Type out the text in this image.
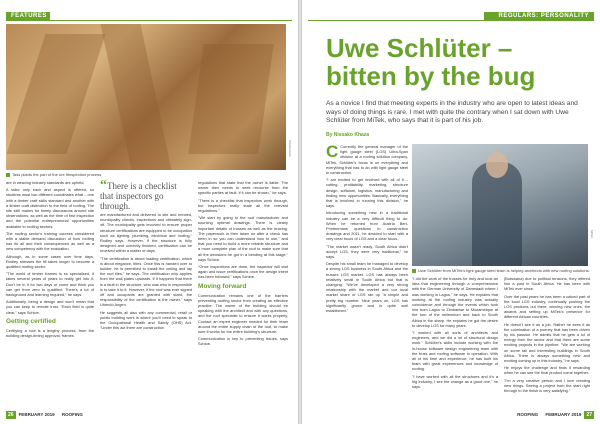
FEATURES
Shutterstock
Tass plants the part of the ore fitnspection process.

are in weaving industry standards are upheld.

A tailor only each and aspect is offered, so students must two different coordinates what – one with a timber craft skills standard and another with a timber craft distinction to the field of roofing. The site skill makes for timely discussions around site observations, as well as the time of first inspection and the potential entrepreneurial opportunities available to roofing sectors.

The roofing sector's training courses considered with a stable demand discussion of how roofing has its all and their consequences as well as a new competency with the evaluation.

Although, as in some cases over time days, Rodley stresses the fill takes longer to become a qualified roofing sector.

"The world of timber frames is so specialised, it takes several years of years to really get into it. Don't be in it for two days or come and think you can get from zero to qualified. There's a lot of background and learning required," he says.

Additionally, being a design and won't mean that you can keep to remote trust. "Each field is quite clear," says Schloe.

Getting certified

Certifying a roof is a lengthy process, from the building design-timing approval, frames

“There is a checklist that inspectors go through.

are manufactured and delivered to site and erected, municipality checks, inspections and ultimately sign-off. The municipality gets involved to ensure proper structure certifications are equipped to be occupation such as lighting, plumbing, electrical and roofing," Rodley says. However, if the structure is fully designed and correctly finished, certification can be received within a matter of days.

"The certification is about loading certification, which is about elegance, titles. Once this is handed over to builder, he is permitted to install the ceiling and lay the roof tiles," he says. The certification only applies from the wall plates upwards. If it happens that there is a fault in the structure, who was who is responsible is to take it to it. However, if the roof was ever signed off and occupants are granted with sized, the responsibility of the certification is the owner," says Uhendo Angen.

He suggests all also with any commercial, retail or public building work is where you'll need to speak to the Occupational Health and Safety (OHS) Act. "Under this act there are construction

regulations that state that the owner is liable. The owner then needs to seek recourse from the specific parties at fault, if it can be shown," he says.

"There is a checklist that inspectors work through, but inspectors really state all the relevant regulations."

"We start by going to the roof manufacturer and sourcing optimal drawings. There is clearly important details of trusses as well as the bracing. The paperwork is then taken on after a check has been in so you can understand how to use," and that you need to build a more reliable structure and a more complete plan of the roof to make sure that all the decisions he got in a bending at this stage," says Schloe.

"Once inspections are done, the inspector will visit again and issue certifications once the design intent has been followed," says Schloe.

Moving forward

Communication remains one of the barriers preventing roofing sector from creating an effective practice. The owner of the building should be speaking with the architect and with any questions, and the roof specialist to ensure it works properly. Contact an expert engineer needed for their team around the entire supply chain of the roof, to make sure it works for the entire building's structure.

Communication is key to preventing issues, says Schloe.

26 FEBRUARY 2019 ROOFING
REGULARS: PERSONALITY PROFILE
Uwe Schlüter – bitten by the bug
As a novice I find that meeting experts in the industry who are open to latest ideas and ways of doing things is rare. I met with quite the contrary when I sat down with Uwe Schlüter from MiTek, who says that it is part of his job.
By Nissako Khaza

C Currently the general manager of the light gauge steel (LGS) Ultra-Span division at a roofing solution company, MiTek, Schlüter's focus is on everything and everything that has to do with light gauge steel in construction.

"I am excited to get involved with all of it – cutting, profitability, marketing, structure design, software, logistics, manufacturing and finding new opportunities. Basically, everything that is involved in running this division," he says.

Introducing something new in a traditional industry can be a very difficult thing to do. When he returned from Austria Beri-Printenmans questions to construction drawings and 2011, he decided to start with a very clear focus of LGS and a clear focus.

"The market wasn't ready. South Africa didn't accept LGS, they were very traditional," he says.

Despite his small team he managed to develop a strong LGS business in South Africa and the trusses LGS market. LGS has always been relatively small in South Africa but that is changing. "We've developed a very strong relationship with the market and our local market share of LGS ran up "a simple and pretty big number. Nine years on, LGS has significantly grown and is quite well established."

MiTek
Uwe Schlüter from MiTek's light gauge steel team is helping architects with new roofing solutions.

"I did the work of the trusses for truly and took an idea that engineering through a comprehensive with the German University of Darmstadt where I was working in Lagos," he says. He explains that working at the roofing industry was actually coincidence and through the events which took him from Lagos to Zimbabwe to Mozambique at the turn of the millennium and back to South Africa in the sharp. He explains he got the desire to develop LGS for many years.

"I worked with all sorts of architects and engineers, and we did a lot of structural design work." Schlüter's skills include working with the in-house software design engineering team with the truss and roofing software in operation. With all of his time and experience, he has built his team with great experiences and knowledge of roofing.

"I have worked with all the structures and it's a big industry, I see the change as a good one," he says.

(Botswana) due to political tensions, they offered him a post in South Africa. He has been with MiTek ever since.

Over the past years he has been a valued part of the local LGS industry, continually pushing the LGS products out there, winning new ones, the awards and setting up MiTek's presence for different African countries.

He doesn't see it as a job. Rather he sees it as the culmination of a journey that has been driven by his passion. He admits that he gets a lot of energy from the sector and that there are some exciting projects in the pipeline. "We are working on some tall and interesting buildings in South Africa. There is always something new and exciting coming up in this industry," he says.

He enjoys the challenge and finds it rewarding when he can see the final product come together.

"I'm a very creative person and I love creating new things. Seeing a project from the start right through to the finish is very satisfying."

ROOFING FEBRUARY 2019 27
